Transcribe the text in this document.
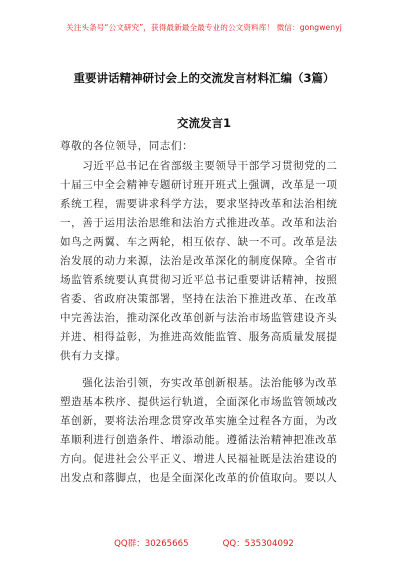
关注头条号“公文研究”，获得最新最全最专业的公文资料库！ 微信：gongwenyj
重要讲话精神研讨会上的交流发言材料汇编（3篇）
交流发言1
尊敬的各位领导，同志们：
　　习近平总书记在省部级主要领导干部学习贯彻党的二
十届三中全会精神专题研讨班开班式上强调，改革是一项
系统工程，需要讲求科学方法，要求坚持改革和法治相统
一，善于运用法治思维和法治方式推进改革。改革和法治
如鸟之两翼、车之两轮，相互依存、缺一不可。改革是法
治发展的动力来源，法治是改革深化的制度保障。全省市
场监管系统要认真贯彻习近平总书记重要讲话精神，按照
省委、省政府决策部署，坚持在法治下推进改革、在改革
中完善法治，推动深化改革创新与法治市场监管建设齐头
并进、相得益彰，为推进高效能监管、服务高质量发展提
供有力支撑。
　　强化法治引领，夯实改革创新根基。法治能够为改革
塑造基本秩序、提供运行轨道，全面深化市场监管领域改
革创新，要将法治理念贯穿改革实施全过程各方面，为改
革顺利进行创造条件、增添动能。遵循法治精神把准改革
方向。促进社会公平正义、增进人民福祉既是法治建设的
出发点和落脚点，也是全面深化改革的价值取向。要以人
QQ群：30265665	QQ：535304092
